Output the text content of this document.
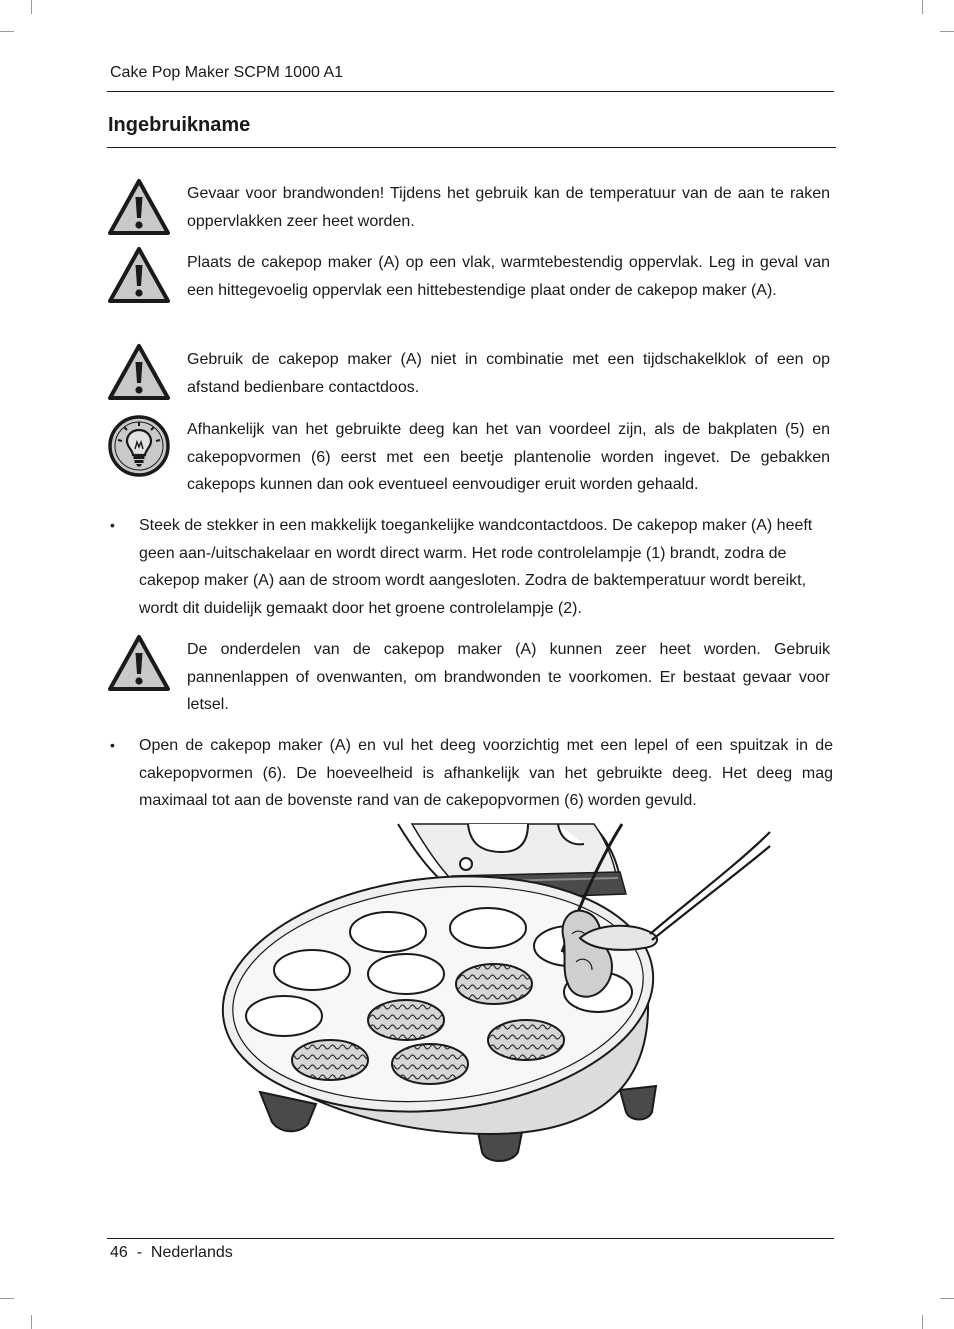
Cake Pop Maker SCPM 1000 A1
Ingebruikname
Gevaar voor brandwonden! Tijdens het gebruik kan de temperatuur van de aan te raken oppervlakken zeer heet worden.
Plaats de cakepop maker (A) op een vlak, warmtebestendig oppervlak. Leg in geval van een hittegevoelig oppervlak een hittebestendige plaat onder de cakepop maker (A).
Gebruik de cakepop maker (A) niet in combinatie met een tijdschakelklok of een op afstand bedienbare contactdoos.
Afhankelijk van het gebruikte deeg kan het van voordeel zijn, als de bakplaten (5) en cakepopvormen (6) eerst met een beetje plantenolie worden ingevet. De gebakken cakepops kunnen dan ook eventueel eenvoudiger eruit worden gehaald.
• Steek de stekker in een makkelijk toegankelijke wandcontactdoos. De cakepop maker (A) heeft geen aan-/uitschakelaar en wordt direct warm. Het rode controlelampje (1) brandt, zodra de cakepop maker (A) aan de stroom wordt aangesloten. Zodra de baktemperatuur wordt bereikt, wordt dit duidelijk gemaakt door het groene controlelampje (2).
De onderdelen van de cakepop maker (A) kunnen zeer heet worden. Gebruik pannenlappen of ovenwanten, om brandwonden te voorkomen. Er bestaat gevaar voor letsel.
• Open de cakepop maker (A) en vul het deeg voorzichtig met een lepel of een spuitzak in de cakepopvormen (6). De hoeveelheid is afhankelijk van het gebruikte deeg. Het deeg mag maximaal tot aan de bovenste rand van de cakepopvormen (6) worden gevuld.
46  -  Nederlands
